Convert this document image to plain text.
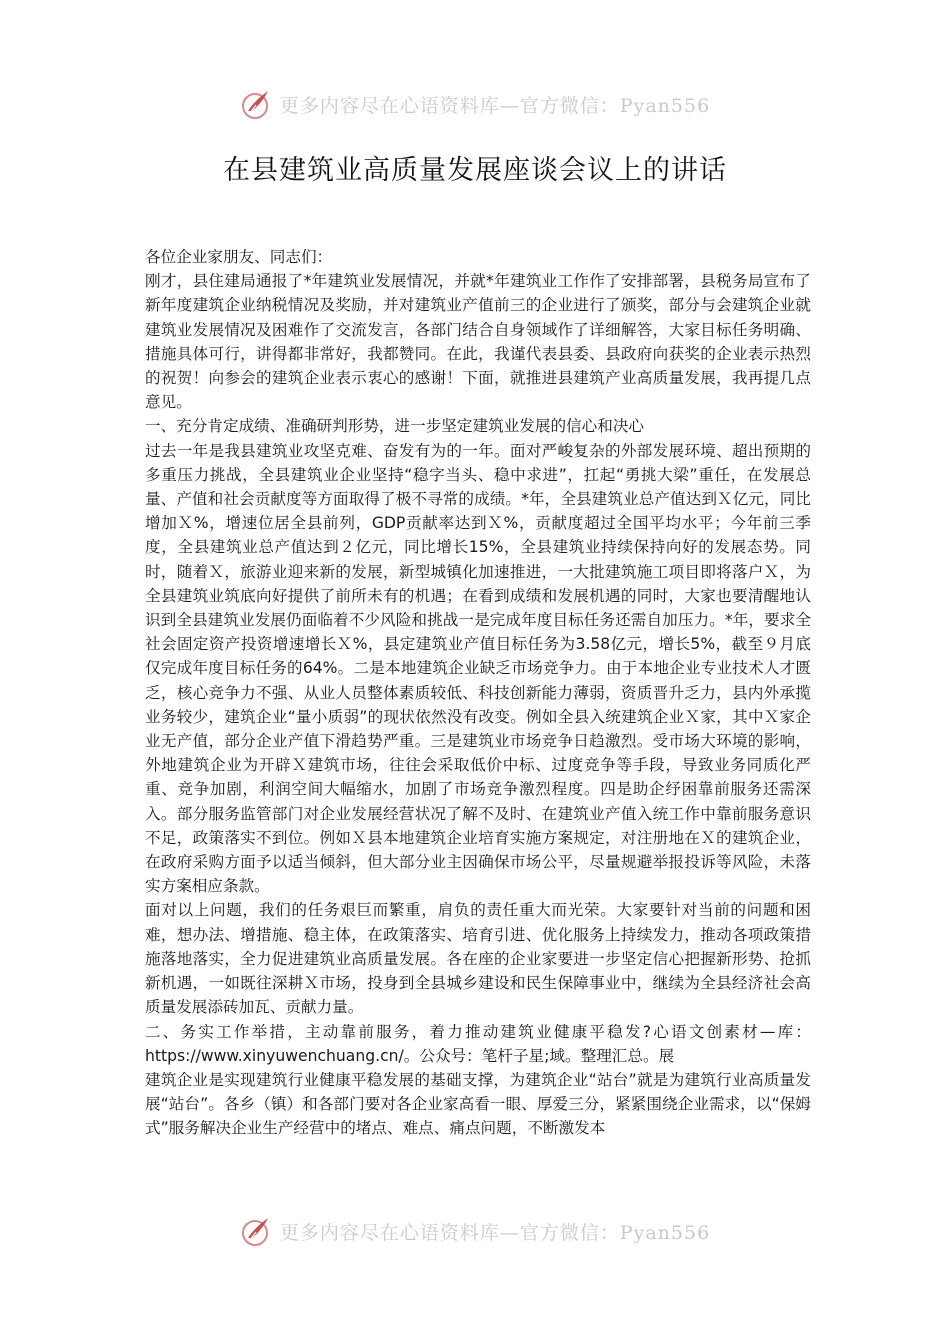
更多内容尽在心语资料库—官方微信：Pyan556
在县建筑业高质量发展座谈会议上的讲话

各位企业家朋友、同志们：

刚才，县住建局通报了*年建筑业发展情况，并就*年建筑业工作作了安排部署，县税务局宣布了新年度建筑企业纳税情况及奖励，并对建筑业产值前三的企业进行了颁奖，部分与会建筑企业就建筑业发展情况及困难作了交流发言，各部门结合自身领域作了详细解答，大家目标任务明确、措施具体可行，讲得都非常好，我都赞同。在此，我谨代表县委、县政府向获奖的企业表示热烈的祝贺！向参会的建筑企业表示衷心的感谢！下面，就推进县建筑产业高质量发展，我再提几点意见。

一、充分肯定成绩、准确研判形势，进一步坚定建筑业发展的信心和决心

过去一年是我县建筑业攻坚克难、奋发有为的一年。面对严峻复杂的外部发展环境、超出预期的多重压力挑战，全县建筑业企业坚持“稳字当头、稳中求进”，扛起“勇挑大梁”重任，在发展总量、产值和社会贡献度等方面取得了极不寻常的成绩。*年，全县建筑业总产值达到Ｘ亿元，同比增加Ｘ%，增速位居全县前列，GDP贡献率达到Ｘ%，贡献度超过全国平均水平；今年前三季度，全县建筑业总产值达到２亿元，同比增长15%，全县建筑业持续保持向好的发展态势。同时，随着Ｘ，旅游业迎来新的发展，新型城镇化加速推进，一大批建筑施工项目即将落户Ｘ，为全县建筑业筑底向好提供了前所未有的机遇；在看到成绩和发展机遇的同时，大家也要清醒地认识到全县建筑业发展仍面临着不少风险和挑战一是完成年度目标任务还需自加压力。*年，要求全社会固定资产投资增速增长Ｘ%，县定建筑业产值目标任务为3.58亿元，增长5%，截至９月底仅完成年度目标任务的64%。二是本地建筑企业缺乏市场竞争力。由于本地企业专业技术人才匮乏，核心竞争力不强、从业人员整体素质较低、科技创新能力薄弱，资质晋升乏力，县内外承揽业务较少，建筑企业“量小质弱”的现状依然没有改变。例如全县入统建筑企业Ｘ家，其中Ｘ家企业无产值，部分企业产值下滑趋势严重。三是建筑业市场竞争日趋激烈。受市场大环境的影响，外地建筑企业为开辟Ｘ建筑市场，往往会采取低价中标、过度竞争等手段，导致业务同质化严重、竞争加剧，利润空间大幅缩水，加剧了市场竞争激烈程度。四是助企纾困靠前服务还需深入。部分服务监管部门对企业发展经营状况了解不及时、在建筑业产值入统工作中靠前服务意识不足，政策落实不到位。例如Ｘ县本地建筑企业培育实施方案规定，对注册地在Ｘ的建筑企业，在政府采购方面予以适当倾斜，但大部分业主因确保市场公平，尽量规避举报投诉等风险，未落实方案相应条款。

面对以上问题，我们的任务艰巨而繁重，肩负的责任重大而光荣。大家要针对当前的问题和困难，想办法、增措施、稳主体，在政策落实、培育引进、优化服务上持续发力，推动各项政策措施落地落实，全力促进建筑业高质量发展。各在座的企业家要进一步坚定信心把握新形势、抢抓新机遇，一如既往深耕Ｘ市场，投身到全县城乡建设和民生保障事业中，继续为全县经济社会高质量发展添砖加瓦、贡献力量。

二、务实工作举措，主动靠前服务，着力推动建筑业健康平稳发?心语文创素材—库：https://www.xinyuwenchuang.cn/。公众号：笔杆子星;域。整理汇总。展

建筑企业是实现建筑行业健康平稳发展的基础支撑，为建筑企业“站台”就是为建筑行业高质量发展“站台”。各乡（镇）和各部门要对各企业家高看一眼、厚爱三分，紧紧围绕企业需求，以“保姆式”服务解决企业生产经营中的堵点、难点、痛点问题，不断激发本

更多内容尽在心语资料库—官方微信：Pyan556
